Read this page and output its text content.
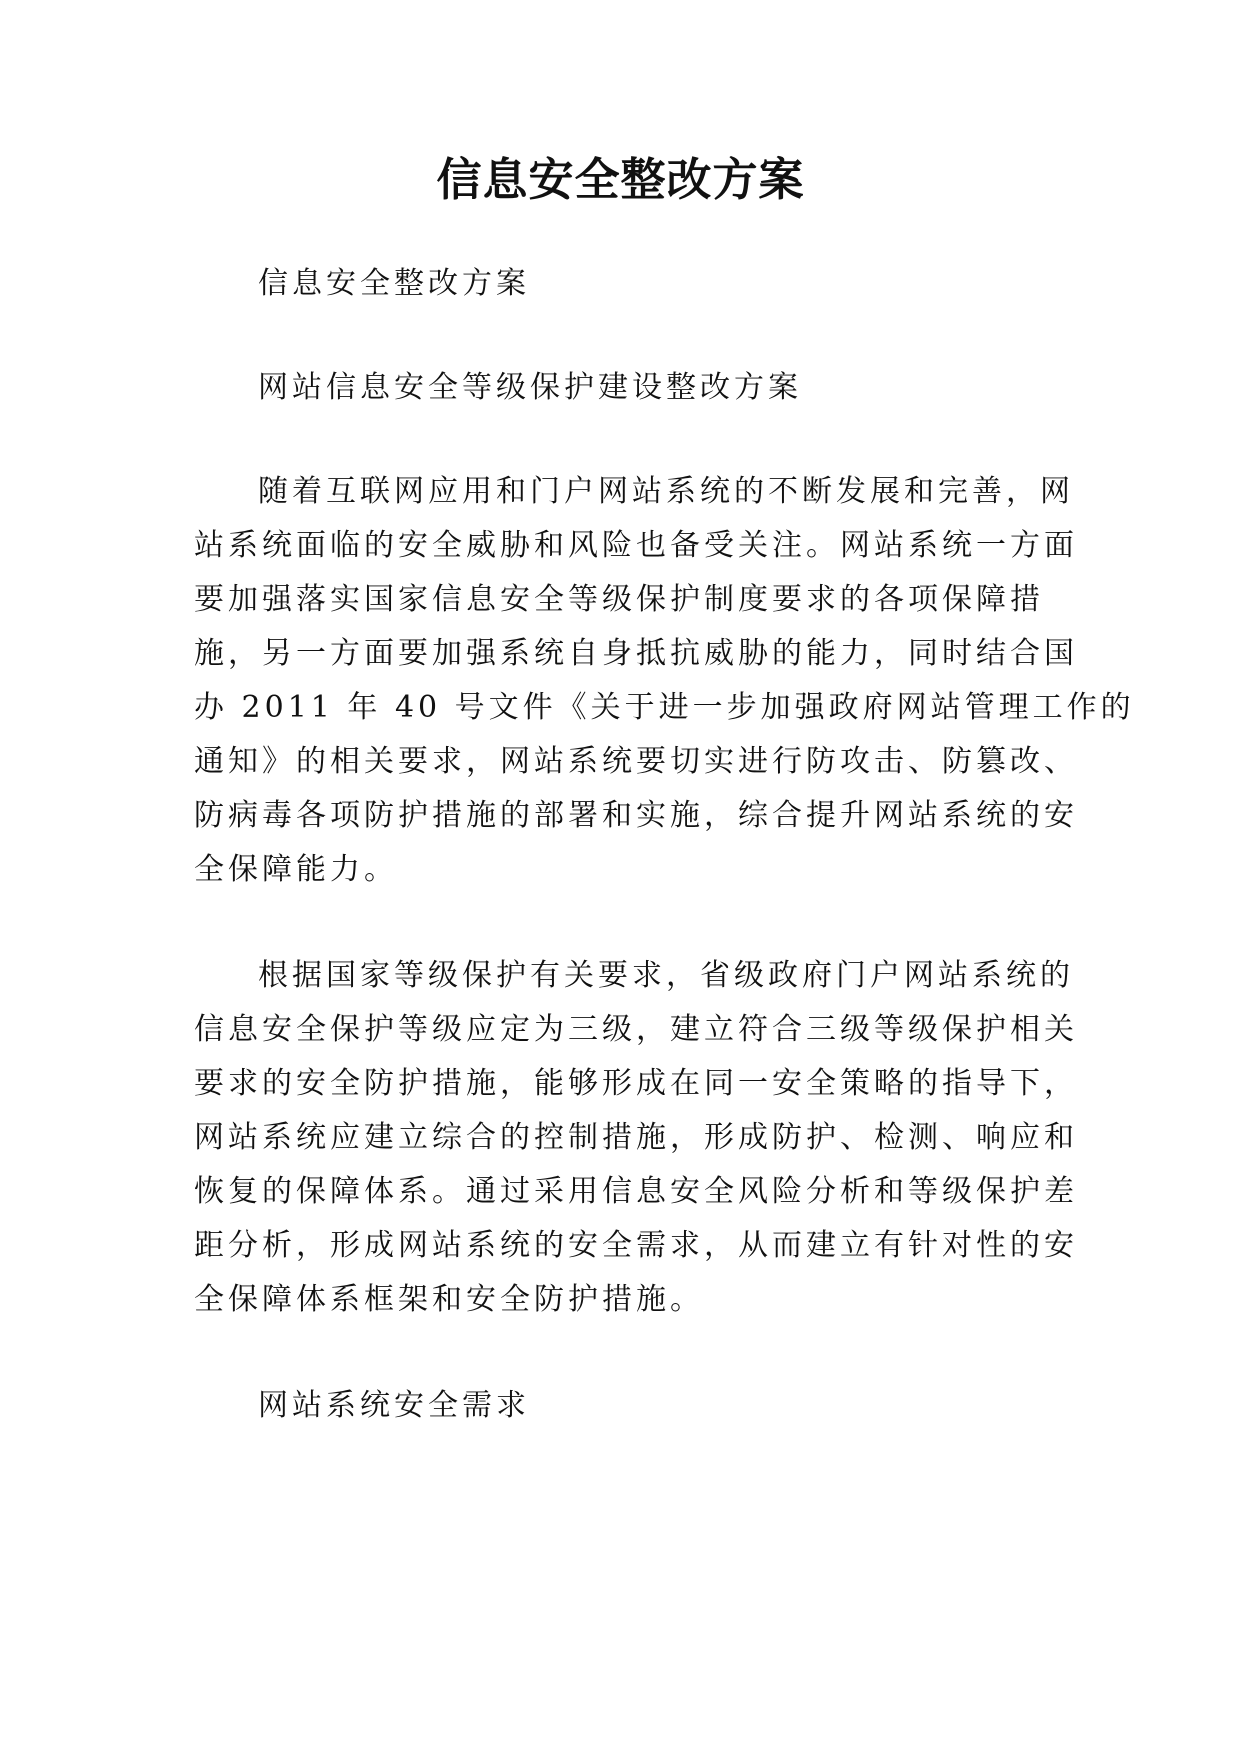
信息安全整改方案

信息安全整改方案

网站信息安全等级保护建设整改方案

随着互联网应用和门户网站系统的不断发展和完善，网

站系统面临的安全威胁和风险也备受关注。网站系统一方面

要加强落实国家信息安全等级保护制度要求的各项保障措

施，另一方面要加强系统自身抵抗威胁的能力，同时结合国

办 2011 年 40 号文件《关于进一步加强政府网站管理工作的

通知》的相关要求，网站系统要切实进行防攻击、防篡改、

防病毒各项防护措施的部署和实施，综合提升网站系统的安

全保障能力。

根据国家等级保护有关要求，省级政府门户网站系统的

信息安全保护等级应定为三级，建立符合三级等级保护相关

要求的安全防护措施，能够形成在同一安全策略的指导下，

网站系统应建立综合的控制措施，形成防护、检测、响应和

恢复的保障体系。通过采用信息安全风险分析和等级保护差

距分析，形成网站系统的安全需求，从而建立有针对性的安

全保障体系框架和安全防护措施。

网站系统安全需求
